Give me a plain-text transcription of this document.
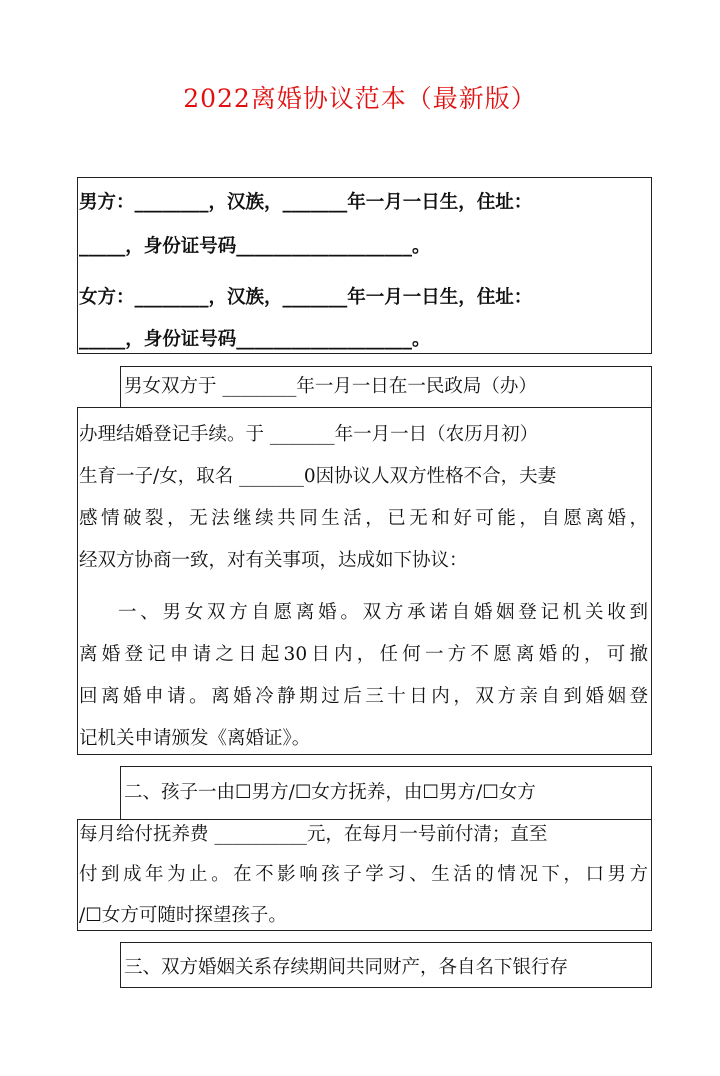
2022离婚协议范本（最新版）
男方：________，汉族，_______年一月一日生，住址：
_____，身份证号码___________________。
女方：________，汉族，_______年一月一日生，住址：
_____，身份证号码___________________。
男女双方于 ________年一月一日在一民政局（办）
办理结婚登记手续。于 _______年一月一日（农历月初）
生育一子/女，取名 _______0因协议人双方性格不合，夫妻
感情破裂，无法继续共同生活，已无和好可能，自愿离婚，
经双方协商一致，对有关事项，达成如下协议：
一、男女双方自愿离婚。双方承诺自婚姻登记机关收到
离婚登记申请之日起30日内，任何一方不愿离婚的，可撤
回离婚申请。离婚冷静期过后三十日内，双方亲自到婚姻登
记机关申请颁发《离婚证》。
二、孩子一由☐男方/☐女方抚养，由☐男方/☐女方
每月给付抚养费 __________元，在每月一号前付清；直至
付到成年为止。在不影响孩子学习、生活的情况下，口男方
/☐女方可随时探望孩子。
三、双方婚姻关系存续期间共同财产，各自名下银行存
